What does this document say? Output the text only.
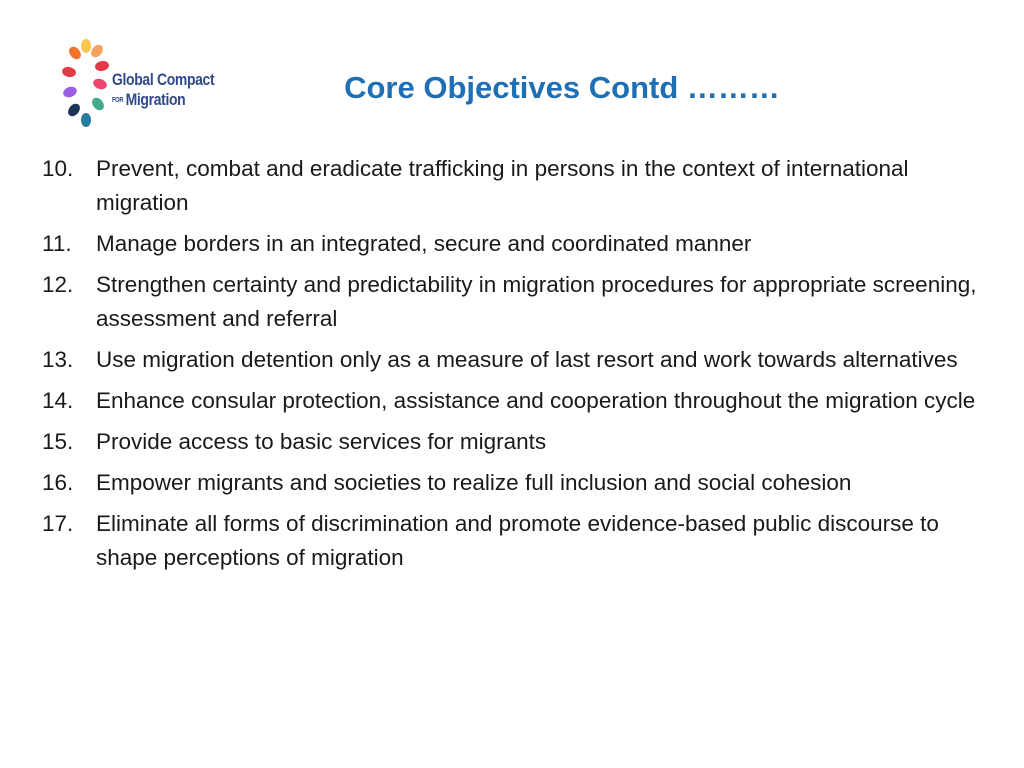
Global Compact
FOR Migration	Core Objectives Contd ………
10.	Prevent, combat and eradicate trafficking in persons in the context of international migration
11.	Manage borders in an integrated, secure and coordinated manner
12.	Strengthen certainty and predictability in migration procedures for appropriate screening, assessment and referral
13.	Use migration detention only as a measure of last resort and work towards alternatives
14.	Enhance consular protection, assistance and cooperation throughout the migration cycle
15.	Provide access to basic services for migrants
16.	Empower migrants and societies to realize full inclusion and social cohesion
17.	Eliminate all forms of discrimination and promote evidence-based public discourse to shape perceptions of migration
